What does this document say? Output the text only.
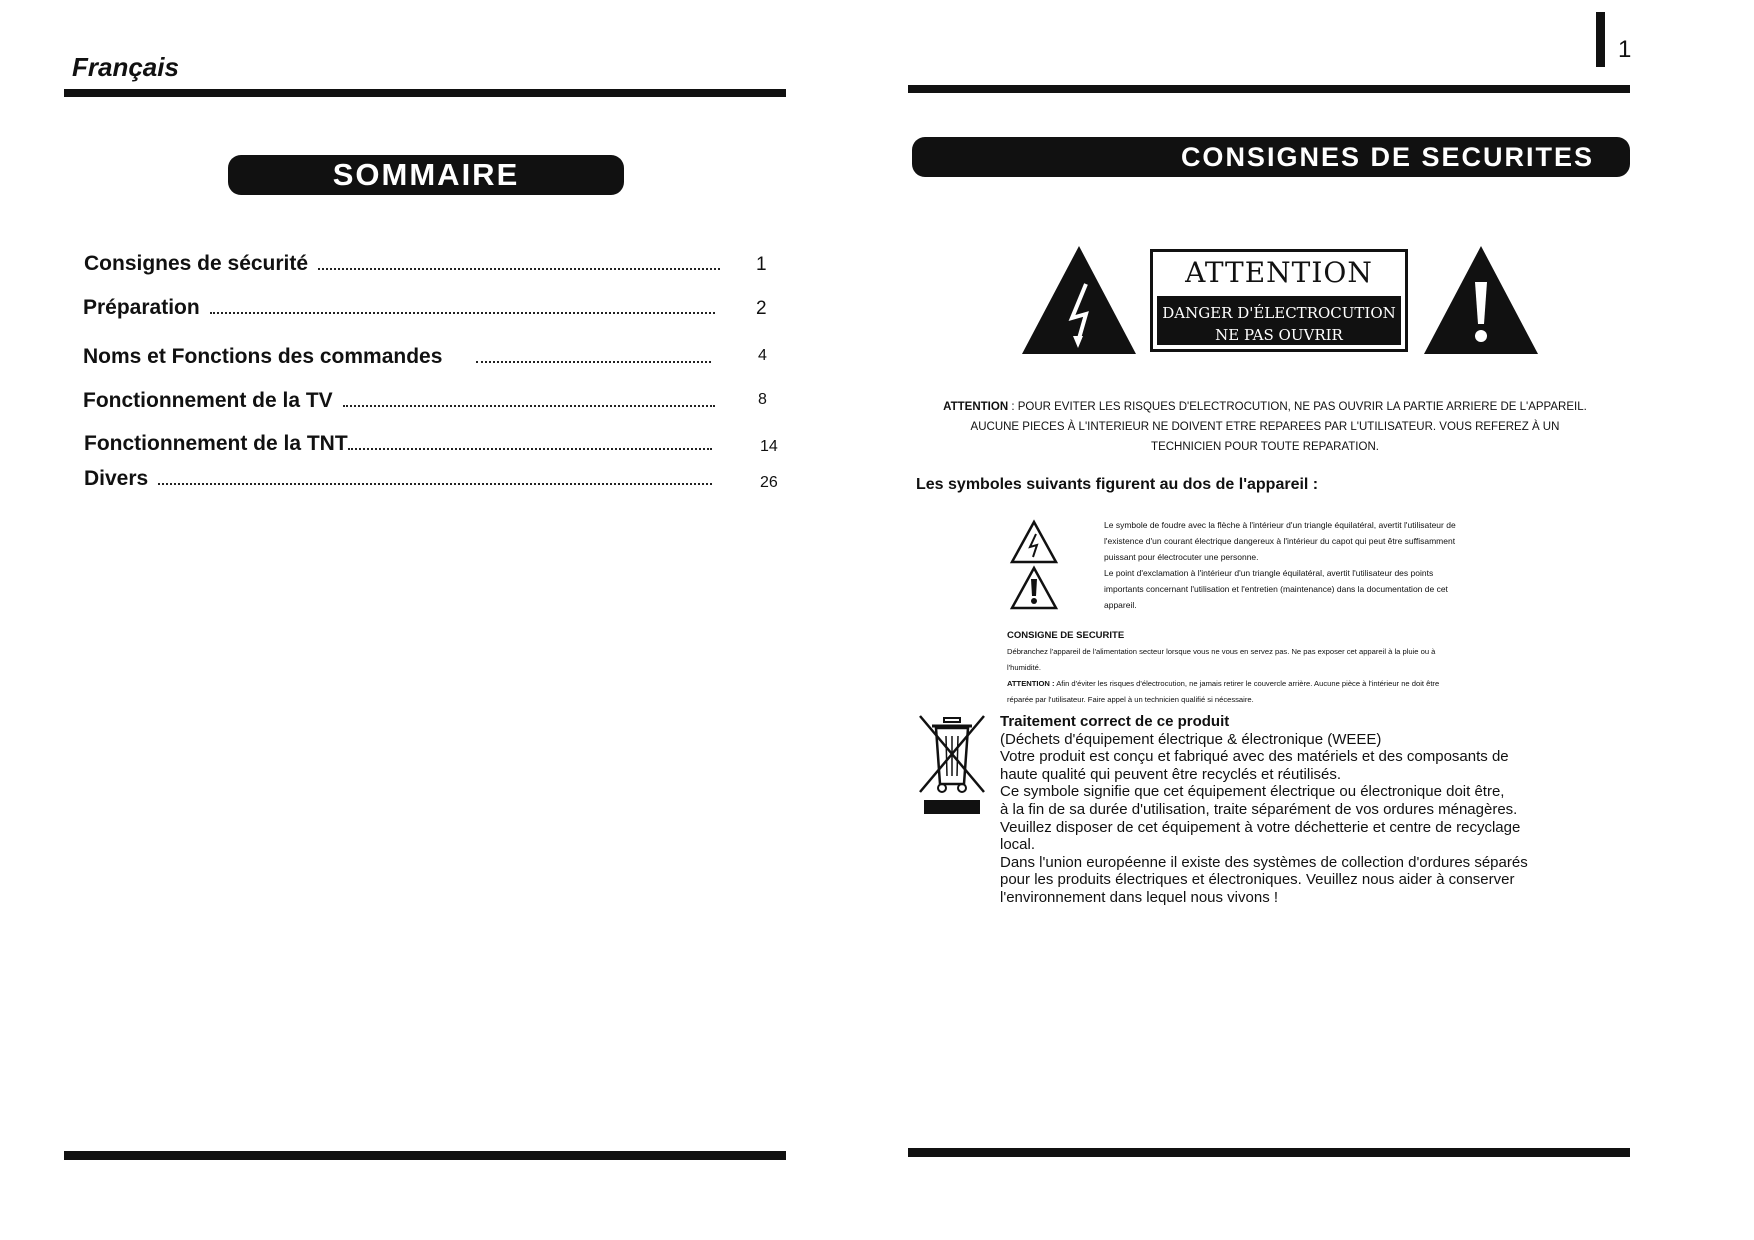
Français
SOMMAIRE
Consignes de sécurité	1
Préparation	2
Noms et Fonctions des commandes	4
Fonctionnement de la TV	8
Fonctionnement de la TNT	14
Divers	26
1
CONSIGNES DE SECURITES
ATTENTION
DANGER D'ÉLECTROCUTION
NE PAS OUVRIR
ATTENTION : POUR EVITER LES RISQUES D'ELECTROCUTION, NE PAS OUVRIR LA PARTIE ARRIERE DE L'APPAREIL.
AUCUNE PIECES À L'INTERIEUR NE DOIVENT ETRE REPAREES PAR L'UTILISATEUR. VOUS REFEREZ À UN
TECHNICIEN POUR TOUTE REPARATION.
Les symboles suivants figurent au dos de l'appareil :
Le symbole de foudre avec la flèche à l'intérieur d'un triangle équilatéral, avertit l'utilisateur de
l'existence d'un courant électrique dangereux à l'intérieur du capot qui peut être suffisamment
puissant pour électrocuter une personne.
Le point d'exclamation à l'intérieur d'un triangle équilatéral, avertit l'utilisateur des points
importants concernant l'utilisation et l'entretien (maintenance) dans la documentation de cet
appareil.
CONSIGNE DE SECURITE
Débranchez l'appareil de l'alimentation secteur lorsque vous ne vous en servez pas. Ne pas exposer cet appareil à la pluie ou à
l'humidité.
ATTENTION : Afin d'éviter les risques d'électrocution, ne jamais retirer le couvercle arrière. Aucune pièce à l'intérieur ne doit être
réparée par l'utilisateur. Faire appel à un technicien qualifié si nécessaire.
Traitement correct de ce produit
(Déchets d'équipement électrique & électronique (WEEE)
Votre produit est conçu et fabriqué avec des matériels et des composants de
haute qualité qui peuvent être recyclés et réutilisés.
Ce symbole signifie que cet équipement électrique ou électronique doit être,
à la fin de sa durée d'utilisation, traite séparément de vos ordures ménagères.
Veuillez disposer de cet équipement à votre déchetterie et centre de recyclage
local.
Dans l'union européenne il existe des systèmes de collection d'ordures séparés
pour les produits électriques et électroniques. Veuillez nous aider à conserver
l'environnement dans lequel nous vivons !
